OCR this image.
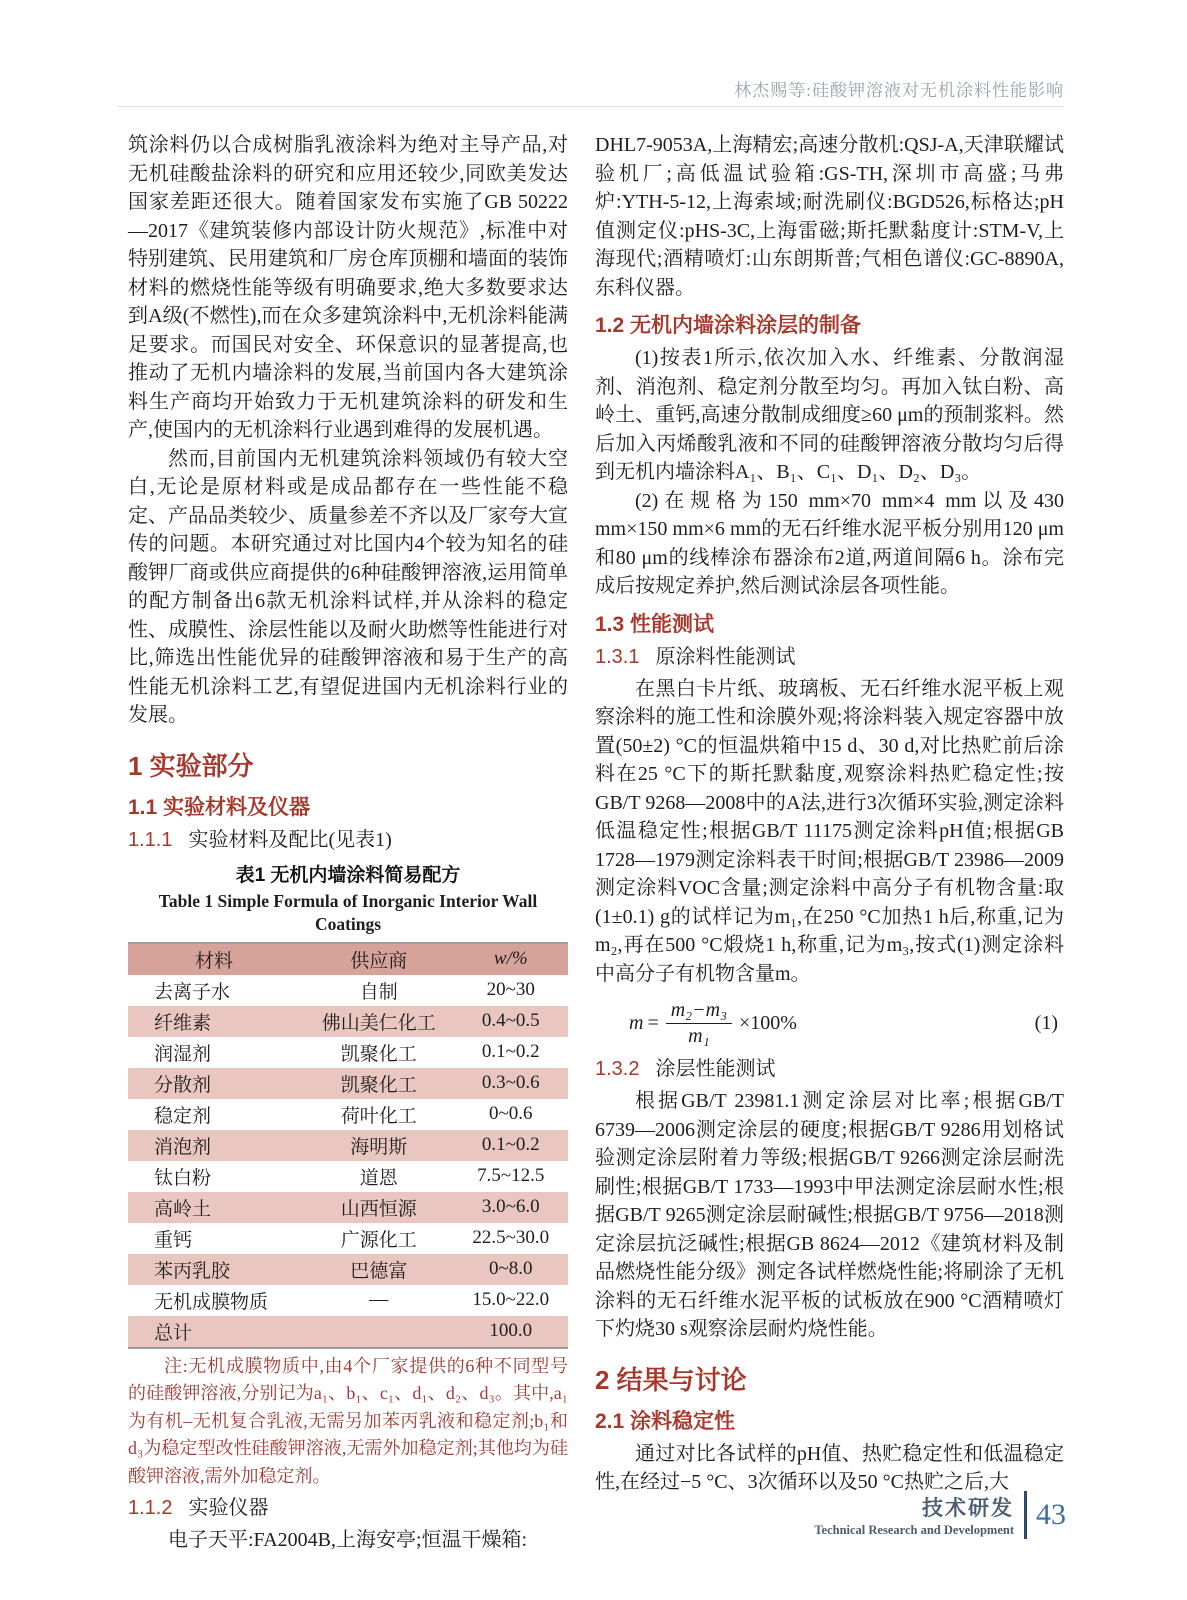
林杰赐等:硅酸钾溶液对无机涂料性能影响

筑涂料仍以合成树脂乳液涂料为绝对主导产品,对无机硅酸盐涂料的研究和应用还较少,同欧美发达国家差距还很大。随着国家发布实施了GB 50222—2017《建筑装修内部设计防火规范》,标准中对特别建筑、民用建筑和厂房仓库顶棚和墙面的装饰材料的燃烧性能等级有明确要求,绝大多数要求达到A级(不燃性),而在众多建筑涂料中,无机涂料能满足要求。而国民对安全、环保意识的显著提高,也推动了无机内墙涂料的发展,当前国内各大建筑涂料生产商均开始致力于无机建筑涂料的研发和生产,使国内的无机涂料行业遇到难得的发展机遇。

然而,目前国内无机建筑涂料领域仍有较大空白,无论是原材料或是成品都存在一些性能不稳定、产品品类较少、质量参差不齐以及厂家夸大宣传的问题。本研究通过对比国内4个较为知名的硅酸钾厂商或供应商提供的6种硅酸钾溶液,运用简单的配方制备出6款无机涂料试样,并从涂料的稳定性、成膜性、涂层性能以及耐火助燃等性能进行对比,筛选出性能优异的硅酸钾溶液和易于生产的高性能无机涂料工艺,有望促进国内无机涂料行业的发展。

1 实验部分
1.1 实验材料及仪器
1.1.1 实验材料及配比(见表1)
表1 无机内墙涂料简易配方
Table 1 Simple Formula of Inorganic Interior Wall Coatings
材料	供应商	w/%
去离子水	自制	20~30
纤维素	佛山美仁化工	0.4~0.5
润湿剂	凯聚化工	0.1~0.2
分散剂	凯聚化工	0.3~0.6
稳定剂	荷叶化工	0~0.6
消泡剂	海明斯	0.1~0.2
钛白粉	道恩	7.5~12.5
高岭土	山西恒源	3.0~6.0
重钙	广源化工	22.5~30.0
苯丙乳胶	巴德富	0~8.0
无机成膜物质	—	15.0~22.0
总计		100.0
注:无机成膜物质中,由4个厂家提供的6种不同型号的硅酸钾溶液,分别记为a₁、b₁、c₁、d₁、d₂、d₃。其中,a₁为有机–无机复合乳液,无需另加苯丙乳液和稳定剂;b₁和d₃为稳定型改性硅酸钾溶液,无需外加稳定剂;其他均为硅酸钾溶液,需外加稳定剂。
1.1.2 实验仪器

电子天平:FA2004B,上海安亭;恒温干燥箱:

DHL7-9053A,上海精宏;高速分散机:QSJ-A,天津联耀试验机厂;高低温试验箱:GS-TH,深圳市高盛;马弗炉:YTH-5-12,上海索域;耐洗刷仪:BGD526,标格达;pH值测定仪:pHS-3C,上海雷磁;斯托默黏度计:STM-V,上海现代;酒精喷灯:山东朗斯普;气相色谱仪:GC-8890A,东科仪器。

1.2 无机内墙涂料涂层的制备

(1)按表1所示,依次加入水、纤维素、分散润湿剂、消泡剂、稳定剂分散至均匀。再加入钛白粉、高岭土、重钙,高速分散制成细度≥60 μm的预制浆料。然后加入丙烯酸乳液和不同的硅酸钾溶液分散均匀后得到无机内墙涂料A₁、B₁、C₁、D₁、D₂、D₃。

(2)在规格为150 mm×70 mm×4 mm以及430 mm×150 mm×6 mm的无石纤维水泥平板分别用120 μm和80 μm的线棒涂布器涂布2道,两道间隔6 h。涂布完成后按规定养护,然后测试涂层各项性能。

1.3 性能测试
1.3.1 原涂料性能测试

在黑白卡片纸、玻璃板、无石纤维水泥平板上观察涂料的施工性和涂膜外观;将涂料装入规定容器中放置(50±2) °C的恒温烘箱中15 d、30 d,对比热贮前后涂料在25 °C下的斯托默黏度,观察涂料热贮稳定性;按GB/T 9268—2008中的A法,进行3次循环实验,测定涂料低温稳定性;根据GB/T 11175测定涂料pH值;根据GB 1728—1979测定涂料表干时间;根据GB/T 23986—2009测定涂料VOC含量;测定涂料中高分子有机物含量:取(1±0.1) g的试样记为m₁,在250 °C加热1 h后,称重,记为m₂,再在500 °C煅烧1 h,称重,记为m₃,按式(1)测定涂料中高分子有机物含量m。

$m = \frac{\text{m₂−m₃}}{\text{m₁}} \times 100\%$	(1)
1.3.2 涂层性能测试

根据GB/T 23981.1测定涂层对比率;根据GB/T 6739—2006测定涂层的硬度;根据GB/T 9286用划格试验测定涂层附着力等级;根据GB/T 9266测定涂层耐洗刷性;根据GB/T 1733—1993中甲法测定涂层耐水性;根据GB/T 9265测定涂层耐碱性;根据GB/T 9756—2018测定涂层抗泛碱性;根据GB 8624—2012《建筑材料及制品燃烧性能分级》测定各试样燃烧性能;将刷涂了无机涂料的无石纤维水泥平板的试板放在900 °C酒精喷灯下灼烧30 s观察涂层耐灼烧性能。

2 结果与讨论
2.1 涂料稳定性

通过对比各试样的pH值、热贮稳定性和低温稳定性,在经过−5 °C、3次循环以及50 °C热贮之后,大

技术研发
Technical Research and Development 43
